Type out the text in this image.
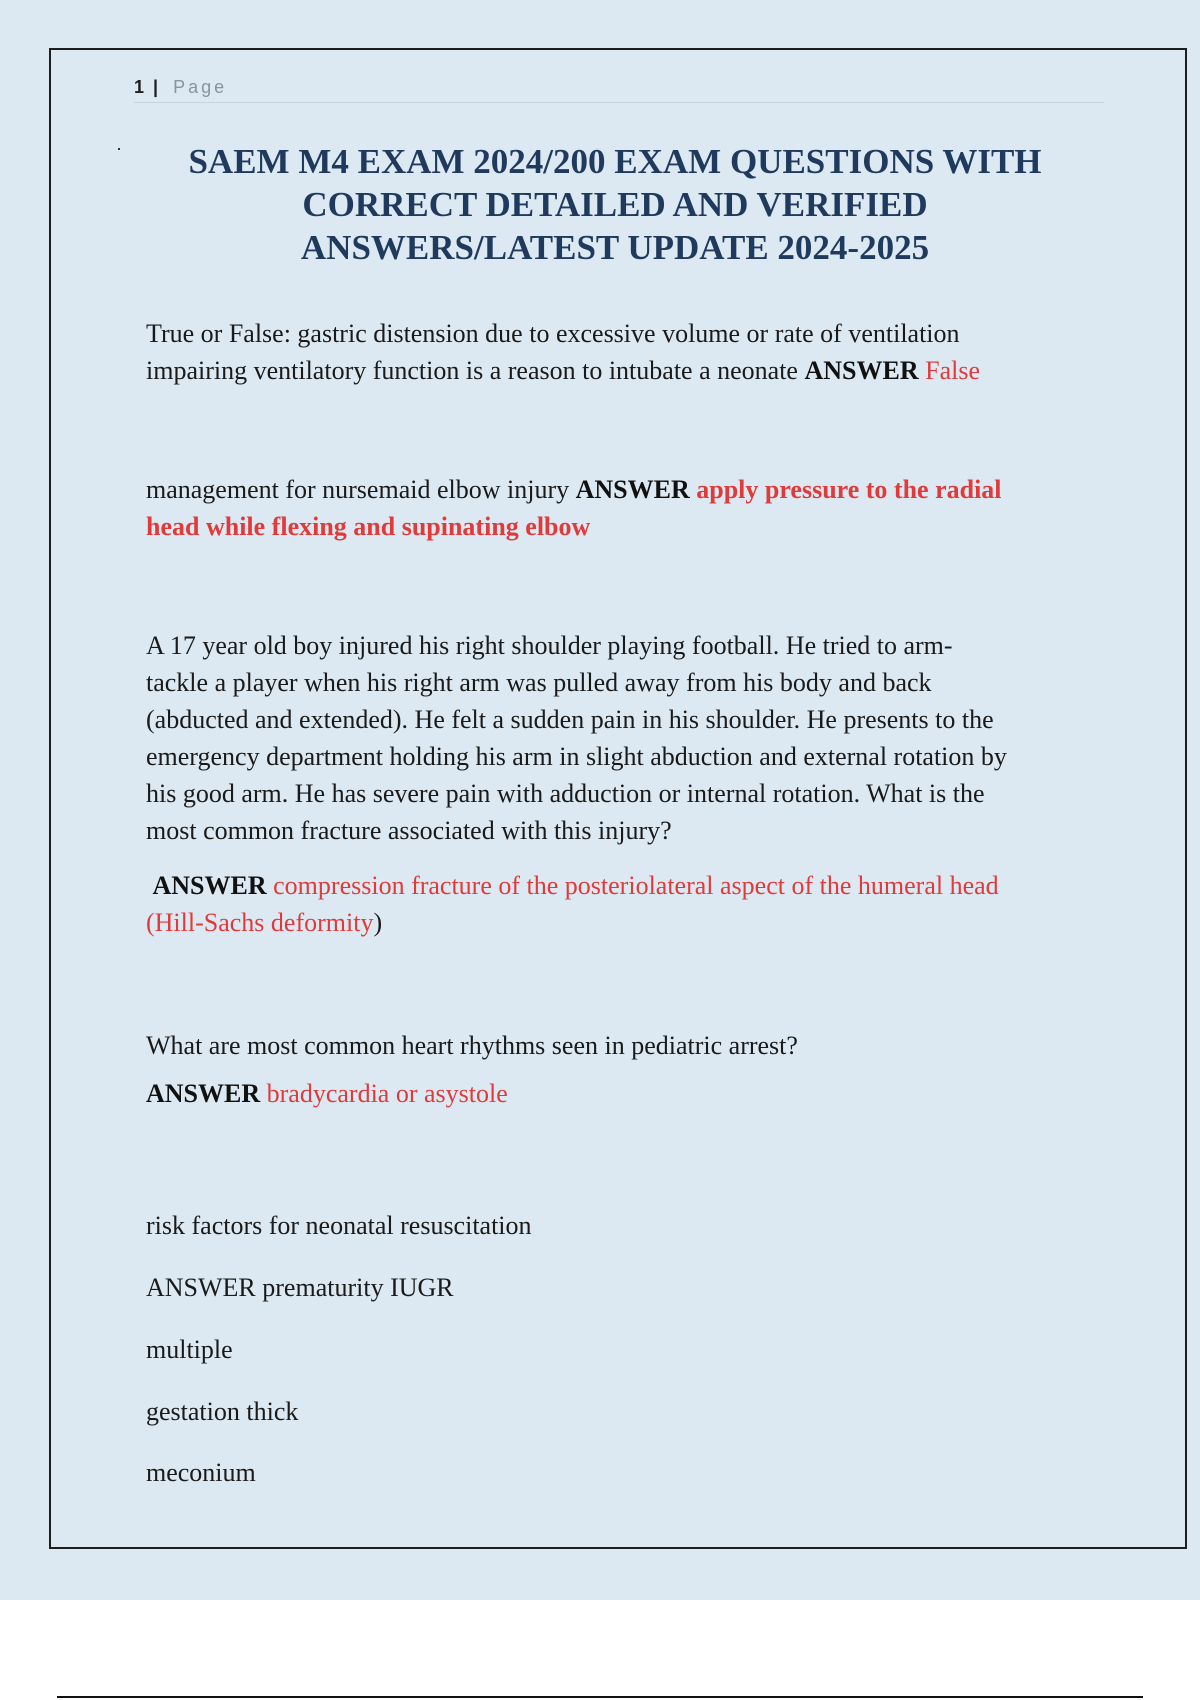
1 | Page
SAEM M4 EXAM 2024/200 EXAM QUESTIONS WITH
CORRECT DETAILED AND VERIFIED
ANSWERS/LATEST UPDATE 2024-2025

True or False: gastric distension due to excessive volume or rate of ventilation
impairing ventilatory function is a reason to intubate a neonate ANSWER False

management for nursemaid elbow injury ANSWER apply pressure to the radial
head while flexing and supinating elbow

A 17 year old boy injured his right shoulder playing football. He tried to arm-
tackle a player when his right arm was pulled away from his body and back
(abducted and extended). He felt a sudden pain in his shoulder. He presents to the
emergency department holding his arm in slight abduction and external rotation by
his good arm. He has severe pain with adduction or internal rotation. What is the
most common fracture associated with this injury?

ANSWER compression fracture of the posteriolateral aspect of the humeral head
(Hill-Sachs deformity)

What are most common heart rhythms seen in pediatric arrest?

ANSWER bradycardia or asystole

risk factors for neonatal resuscitation

ANSWER prematurity IUGR

multiple

gestation thick

meconium
